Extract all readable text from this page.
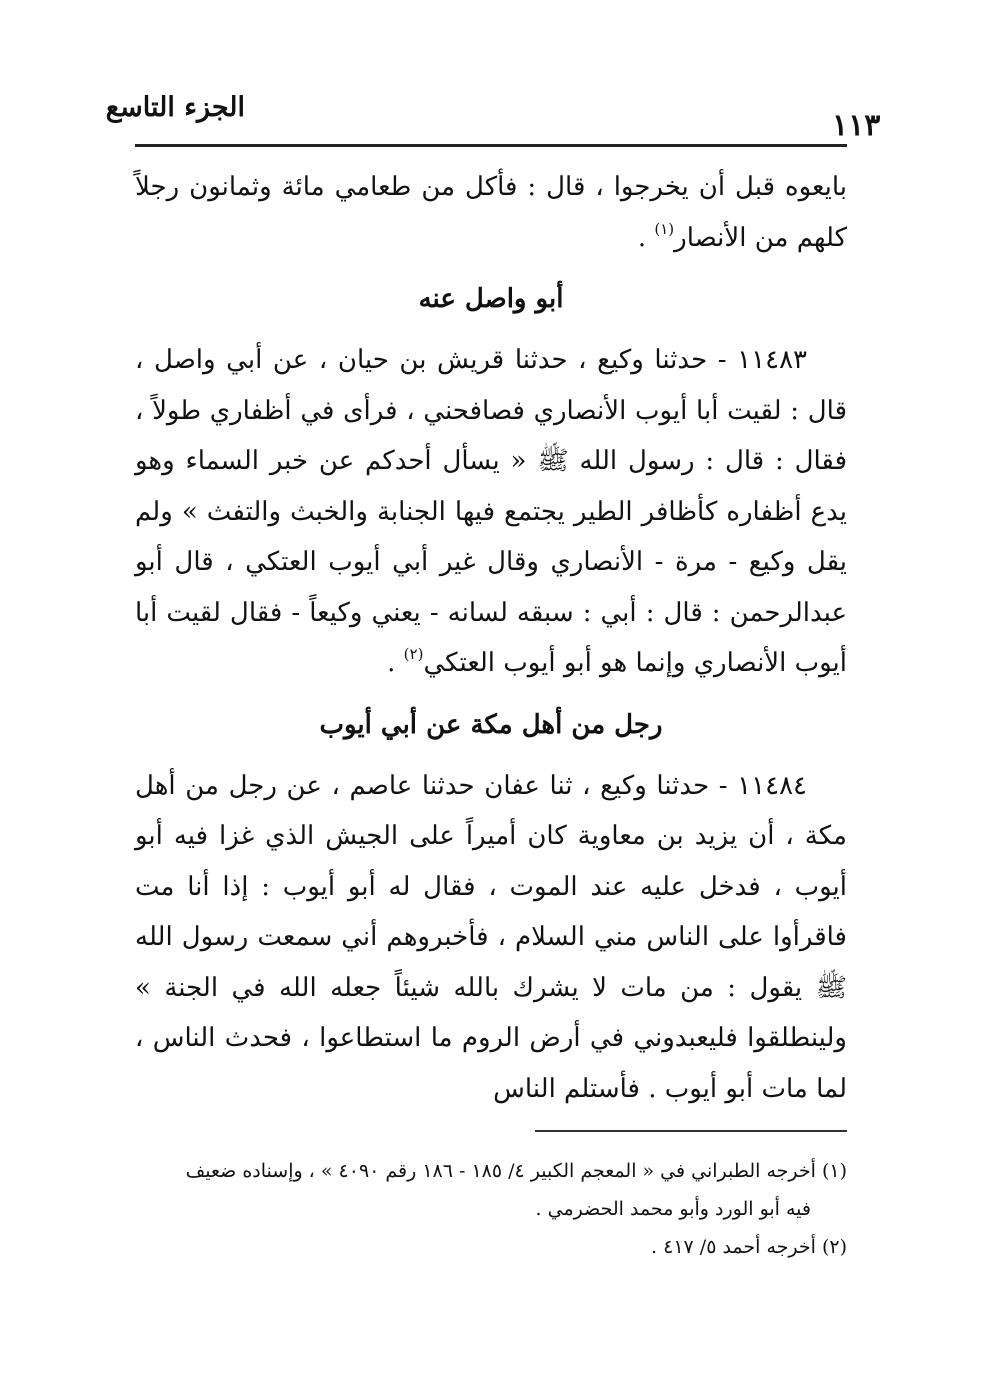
الجزء التاسع
١١٣

بايعوه قبل أن يخرجوا ، قال : فأكل من طعامي مائة وثمانون رجلاً كلهم من الأنصار$^{(١)}$ .

أبو واصل عنه

١١٤٨٣ - حدثنا وكيع ، حدثنا قريش بن حيان ، عن أبي واصل ، قال : لقيت أبا أيوب الأنصاري فصافحني ، فرأى في أظفاري طولاً ، فقال : قال : رسول الله ﷺ « يسأل أحدكم عن خبر السماء وهو يدع أظفاره كأظافر الطير يجتمع فيها الجنابة والخبث والتفث » ولم يقل وكيع - مرة - الأنصاري وقال غير أبي أيوب العتكي ، قال أبو عبدالرحمن : قال : أبي : سبقه لسانه - يعني وكيعاً - فقال لقيت أبا أيوب الأنصاري وإنما هو أبو أيوب العتكي$^{(٢)}$ .

رجل من أهل مكة عن أبي أيوب

١١٤٨٤ - حدثنا وكيع ، ثنا عفان حدثنا عاصم ، عن رجل من أهل مكة ، أن يزيد بن معاوية كان أميراً على الجيش الذي غزا فيه أبو أيوب ، فدخل عليه عند الموت ، فقال له أبو أيوب : إذا أنا مت فاقرأوا على الناس مني السلام ، فأخبروهم أني سمعت رسول الله ﷺ يقول : من مات لا يشرك بالله شيئاً جعله الله في الجنة » ولينطلقوا فليعبدوني في أرض الروم ما استطاعوا ، فحدث الناس ، لما مات أبو أيوب . فأستلم الناس

(١) أخرجه الطبراني في « المعجم الكبير ٤/ ١٨٥ - ١٨٦ رقم ٤٠٩٠ » ، وإسناده ضعيف

فيه أبو الورد وأبو محمد الحضرمي .

(٢) أخرجه أحمد ٥/ ٤١٧ .
